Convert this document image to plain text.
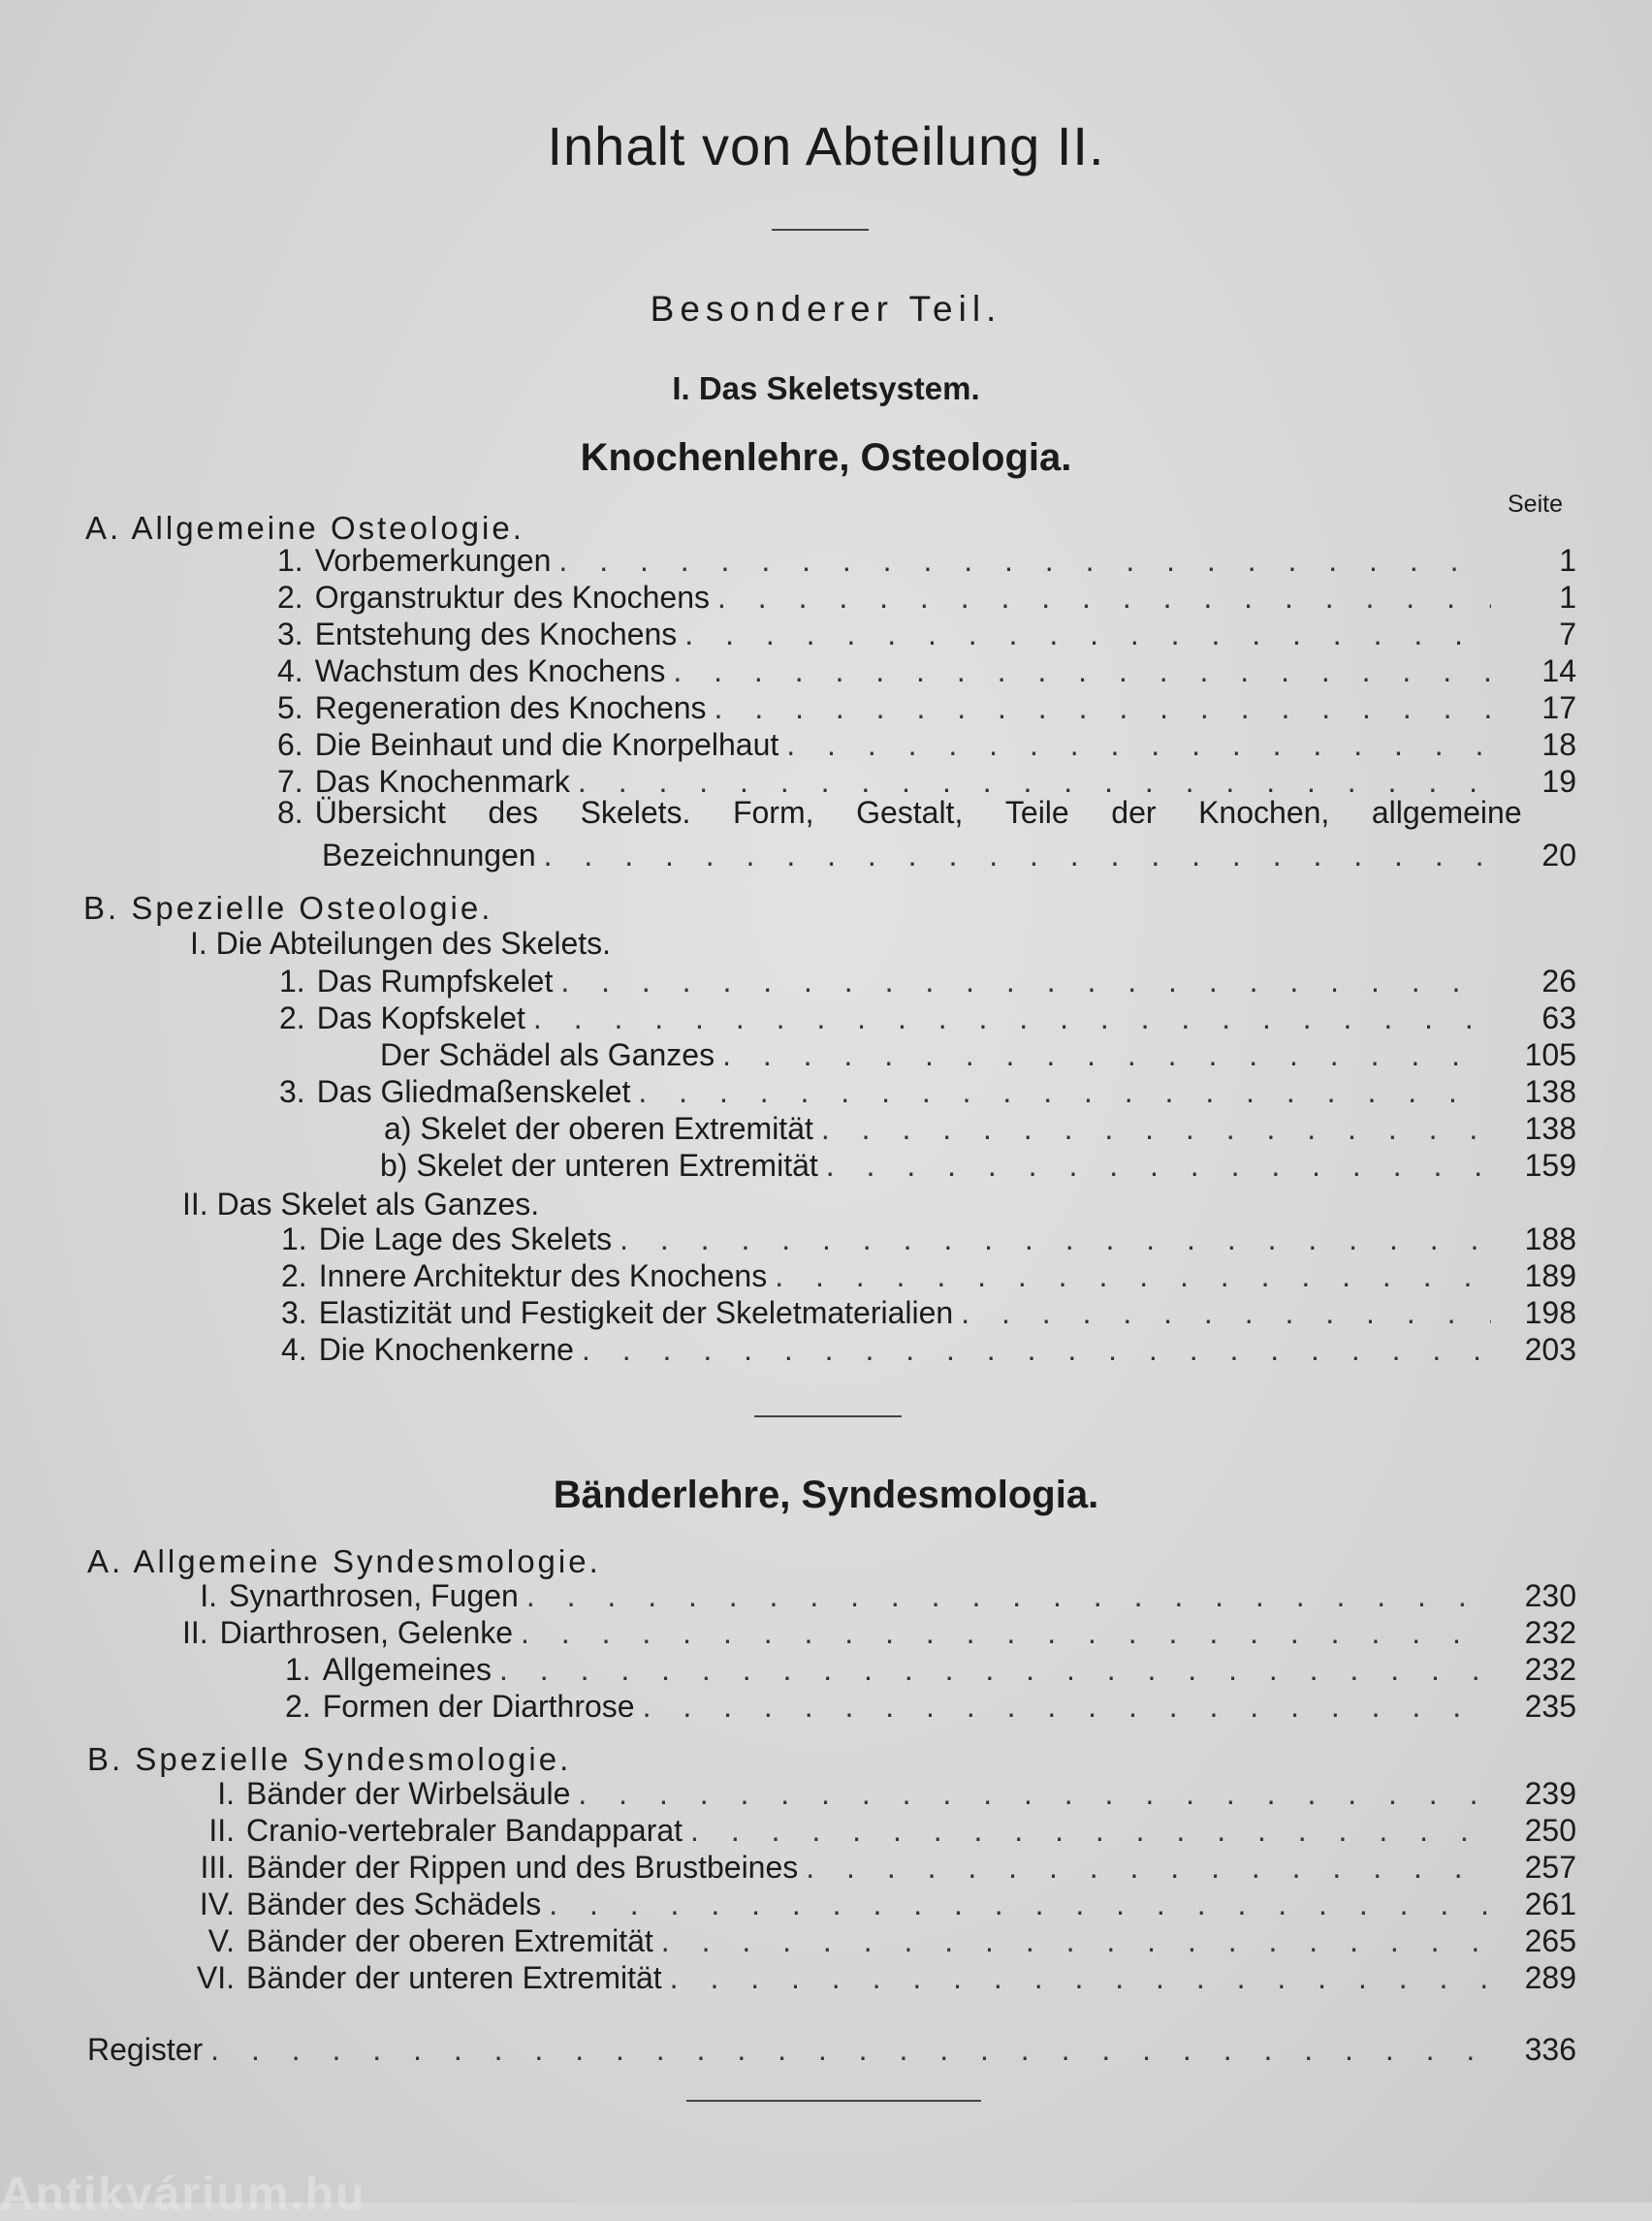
Inhalt von Abteilung II.
Besonderer Teil.
I. Das Skeletsystem.
Knochenlehre, Osteologia.
Seite
A. Allgemeine Osteologie.
1. Vorbemerkungen . . .	1
2. Organstruktur des Knochens . . .	1
3. Entstehung des Knochens . . .	7
4. Wachstum des Knochens . . .	14
5. Regeneration des Knochens . . .	17
6. Die Beinhaut und die Knorpelhaut . . .	18
7. Das Knochenmark . . .	19
8. Übersicht des Skelets. Form, Gestalt, Teile der Knochen, allgemeine
Bezeichnungen . . .	20
B. Spezielle Osteologie.
I. Die Abteilungen des Skelets.
1. Das Rumpfskelet . . .	26
2. Das Kopfskelet . . .	63
Der Schädel als Ganzes . . .	105
3. Das Gliedmaßenskelet . . .	138
a) Skelet der oberen Extremität . . .	138
b) Skelet der unteren Extremität . . .	159
II. Das Skelet als Ganzes.
1. Die Lage des Skelets . . .	188
2. Innere Architektur des Knochens . . .	189
3. Elastizität und Festigkeit der Skeletmaterialien . . .	198
4. Die Knochenkerne . . .	203
Bänderlehre, Syndesmologia.
A. Allgemeine Syndesmologie.
I. Synarthrosen, Fugen . . .	230
II. Diarthrosen, Gelenke . . .	232
1. Allgemeines . . .	232
2. Formen der Diarthrose . . .	235
B. Spezielle Syndesmologie.
I. Bänder der Wirbelsäule . . .	239
II. Cranio-vertebraler Bandapparat . . .	250
III. Bänder der Rippen und des Brustbeines . . .	257
IV. Bänder des Schädels . . .	261
V. Bänder der oberen Extremität . . .	265
VI. Bänder der unteren Extremität . . .	289
Register . . .	336
Antikvárium.hu
